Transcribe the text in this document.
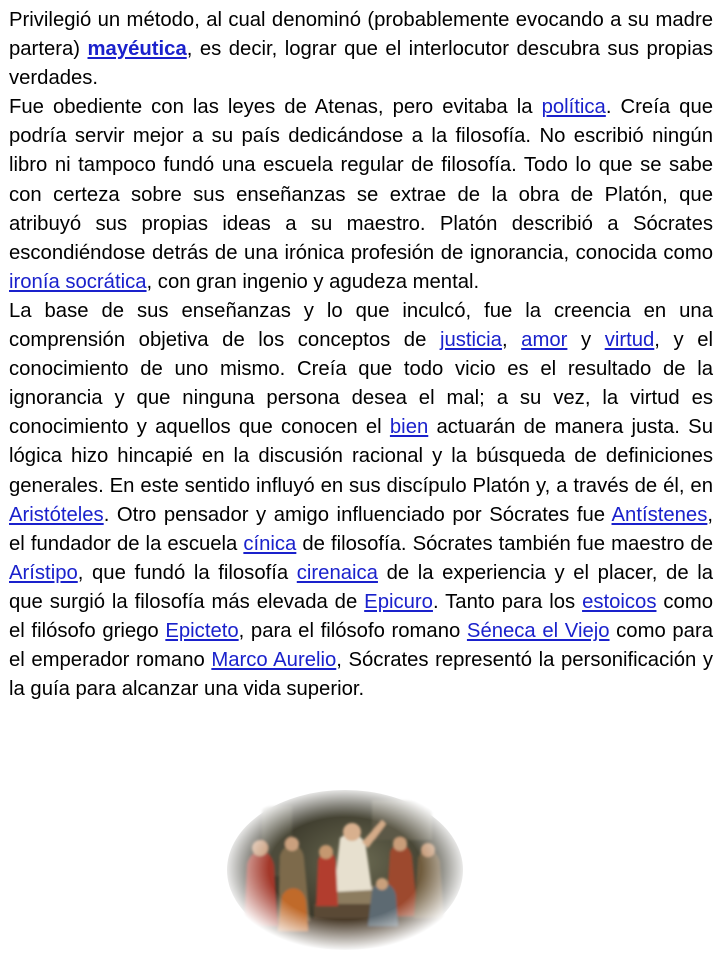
Privilegió un método, al cual denominó (probablemente evocando a su madre partera) mayéutica, es decir, lograr que el interlocutor descubra sus propias verdades.

Fue obediente con las leyes de Atenas, pero evitaba la política. Creía que podría servir mejor a su país dedicándose a la filosofía. No escribió ningún libro ni tampoco fundó una escuela regular de filosofía. Todo lo que se sabe con certeza sobre sus enseñanzas se extrae de la obra de Platón, que atribuyó sus propias ideas a su maestro. Platón describió a Sócrates escondiéndose detrás de una irónica profesión de ignorancia, conocida como ironía socrática, con gran ingenio y agudeza mental.

La base de sus enseñanzas y lo que inculcó, fue la creencia en una comprensión objetiva de los conceptos de justicia, amor y virtud, y el conocimiento de uno mismo. Creía que todo vicio es el resultado de la ignorancia y que ninguna persona desea el mal; a su vez, la virtud es conocimiento y aquellos que conocen el bien actuarán de manera justa. Su lógica hizo hincapié en la discusión racional y la búsqueda de definiciones generales. En este sentido influyó en sus discípulo Platón y, a través de él, en Aristóteles. Otro pensador y amigo influenciado por Sócrates fue Antístenes, el fundador de la escuela cínica de filosofía. Sócrates también fue maestro de Arístipo, que fundó la filosofía cirenaica de la experiencia y el placer, de la que surgió la filosofía más elevada de Epicuro. Tanto para los estoicos como el filósofo griego Epicteto, para el filósofo romano Séneca el Viejo como para el emperador romano Marco Aurelio, Sócrates representó la personificación y la guía para alcanzar una vida superior.
